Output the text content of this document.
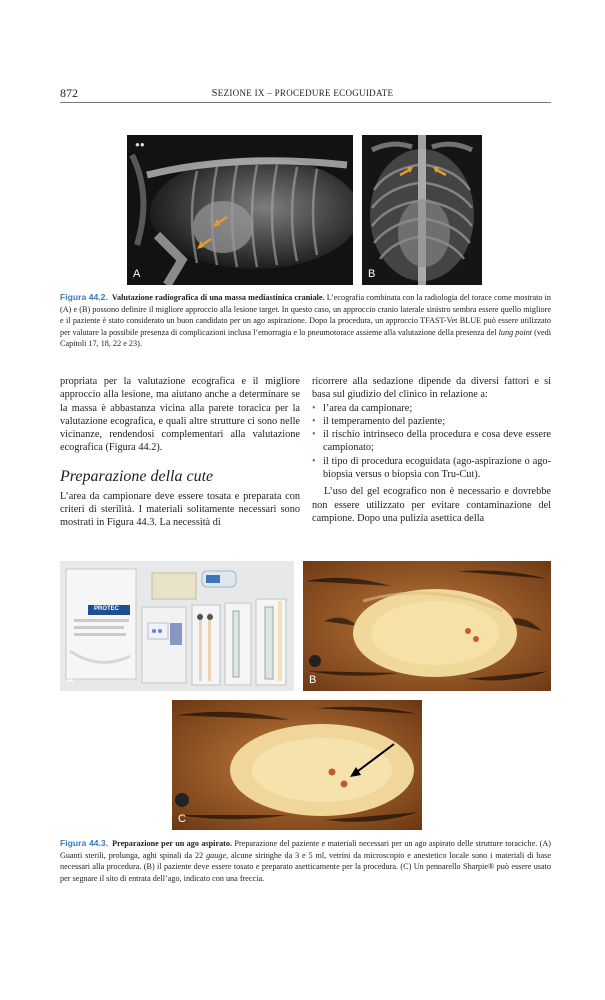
872	SEZIONE IX – PROCEDURE ECOGUIDATE
●●
A	B
Figura 44.2. Valutazione radiografica di una massa mediastinica craniale. L’ecografia combinata con la radiologia del torace come mostrato in (A) e (B) possono definire il migliore approccio alla lesione target. In questo caso, un approccio cranio laterale sinistro sembra essere quello migliore e il paziente è stato considerato un buon candidato per un ago aspirazione. Dopo la procedura, un approccio TFAST-Vet BLUE può essere utilizzato per valutare la possibile presenza di complicazioni inclusa l’emorragia e lo pneumotorace assieme alla valutazione della presenza del lung point (vedi Capitoli 17, 18, 22 e 23).

propriata per la valutazione ecografica e il migliore approccio alla lesione, ma aiutano anche a determinare se la massa è abbastanza vicina alla parete toracica per la valutazione ecografica, e quali altre strutture ci sono nelle vicinanze, rendendosi complementari alla valutazione ecografica (Figura 44.2).

Preparazione della cute

L’area da campionare deve essere tosata e preparata con criteri di sterilità. I materiali solitamente necessari sono mostrati in Figura 44.3. La necessità di

ricorrere alla sedazione dipende da diversi fattori e si basa sul giudizio del clinico in relazione a:

• l’area da campionare;
• il temperamento del paziente;
• il rischio intrinseco della procedura e cosa deve essere campionato;
• il tipo di procedura ecoguidata (ago-aspirazione o ago-biopsia versus o biopsia con Tru-Cut).

L’uso del gel ecografico non è necessario e dovrebbe non essere utilizzato per evitare contaminazione del campione. Dopo una pulizia asettica della

PROTEC
A	B
C
Figura 44.3. Preparazione per un ago aspirato. Preparazione del paziente e materiali necessari per un ago aspirato delle strutture toraciche. (A) Guanti sterili, prolunga, aghi spinali da 22 gauge, alcune siringhe da 3 e 5 ml, vetrini da microscopio e anestetico locale sono i materiali di base necessari alla procedura. (B) il paziente deve essere tosato e preparato asetticamente per la procedura. (C) Un pennarello Sharpie® può essere usato per segnare il sito di entrata dell’ago, indicato con una freccia.
